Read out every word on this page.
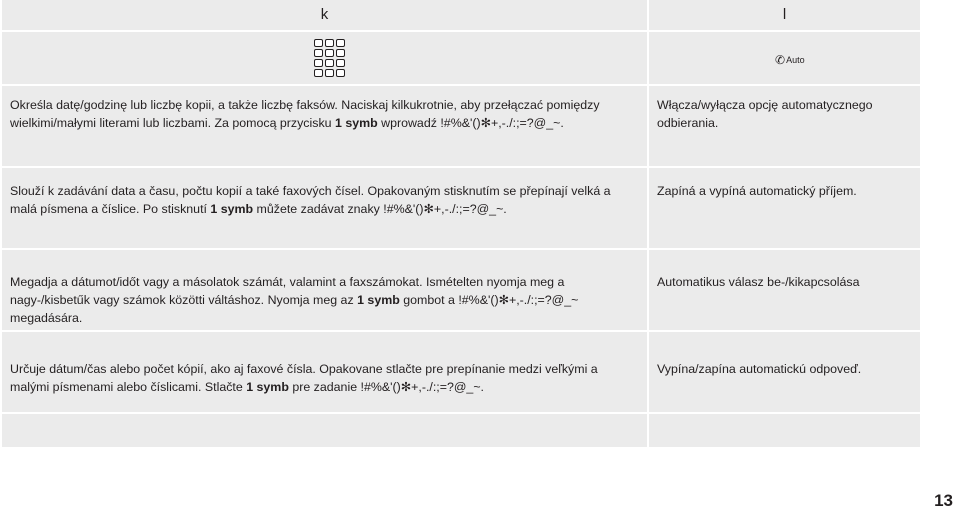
k	l
✆ Auto

Określa datę/godzinę lub liczbę kopii, a także liczbę faksów. Naciskaj kilkukrotnie, aby przełączać pomiędzy wielkimi/małymi literami lub liczbami. Za pomocą przycisku 1 symb wprowadź !#%&'()✻+,-./:;=?@_~.

Włącza/wyłącza opcję automatycznego odbierania.

Slouží k zadávání data a času, počtu kopií a také faxových čísel. Opakovaným stisknutím se přepínají velká a malá písmena a číslice. Po stisknutí 1 symb můžete zadávat znaky !#%&'()✻+,-./:;=?@_~.

Zapíná a vypíná automatický příjem.

Megadja a dátumot/időt vagy a másolatok számát, valamint a faxszámokat. Ismételten nyomja meg a nagy-/kisbetűk vagy számok közötti váltáshoz. Nyomja meg az 1 symb gombot a !#%&'()✻+,-./:;=?@_~ megadására.

Automatikus válasz be-/kikapcsolása

Určuje dátum/čas alebo počet kópií, ako aj faxové čísla. Opakovane stlačte pre prepínanie medzi veľkými a malými písmenami alebo číslicami. Stlačte 1 symb pre zadanie !#%&'()✻+,-./:;=?@_~.

Vypína/zapína automatickú odpoveď.

13
